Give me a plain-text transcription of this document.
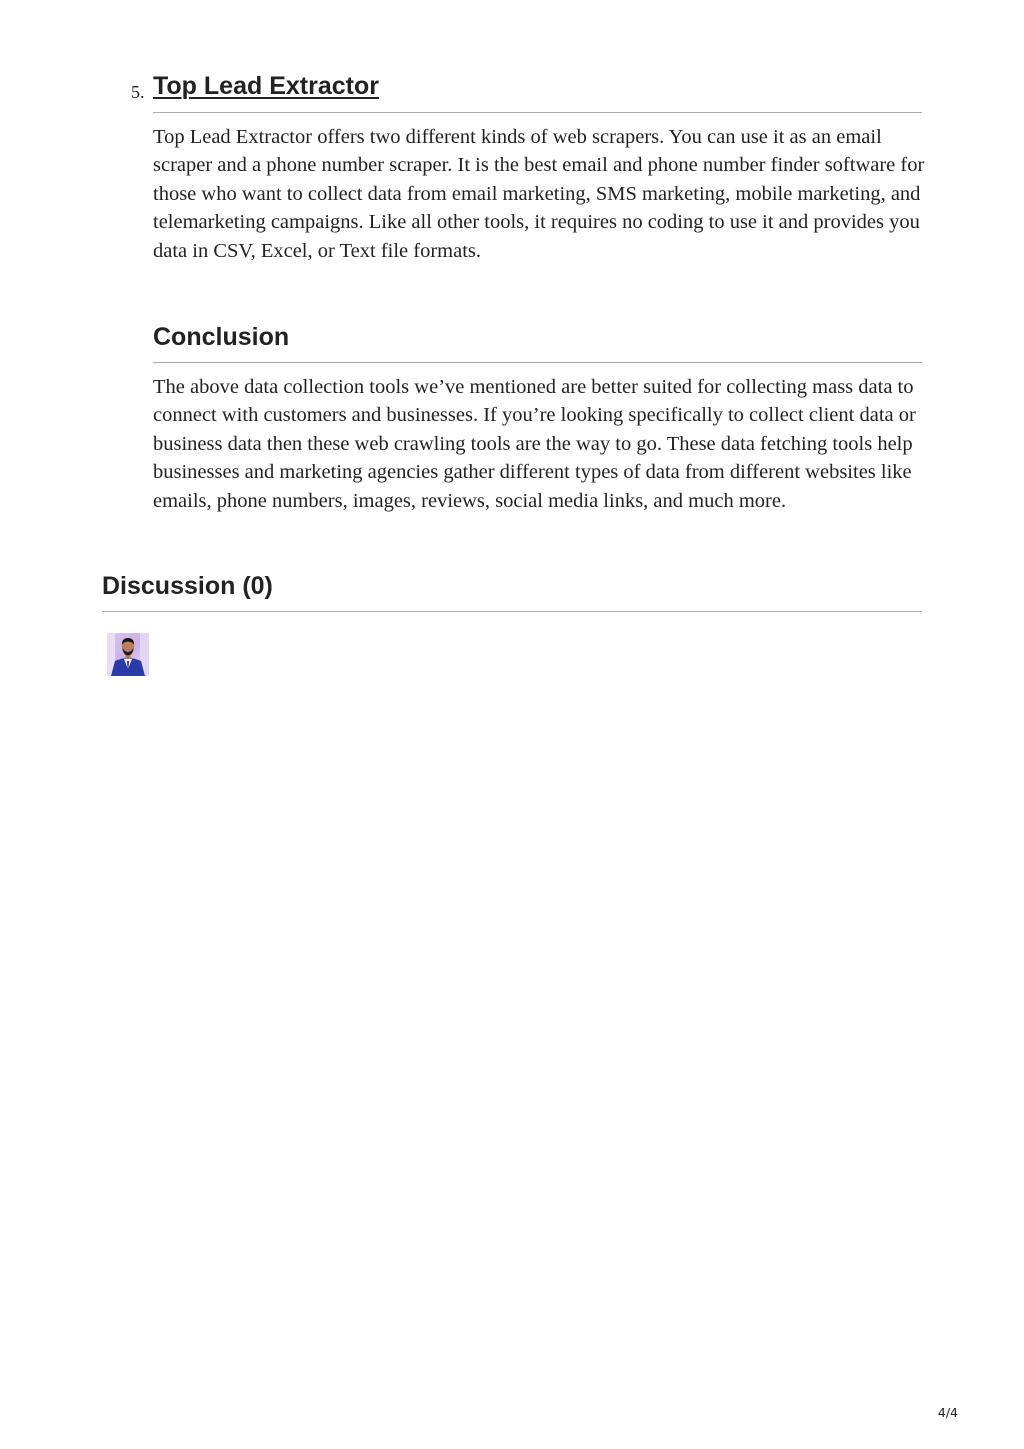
5. Top Lead Extractor

Top Lead Extractor offers two different kinds of web scrapers. You can use it as an email scraper and a phone number scraper. It is the best email and phone number finder software for those who want to collect data from email marketing, SMS marketing, mobile marketing, and telemarketing campaigns. Like all other tools, it requires no coding to use it and provides you data in CSV, Excel, or Text file formats.

Conclusion

The above data collection tools we’ve mentioned are better suited for collecting mass data to connect with customers and businesses. If you’re looking specifically to collect client data or business data then these web crawling tools are the way to go. These data fetching tools help businesses and marketing agencies gather different types of data from different websites like emails, phone numbers, images, reviews, social media links, and much more.

Discussion (0)
4/4
